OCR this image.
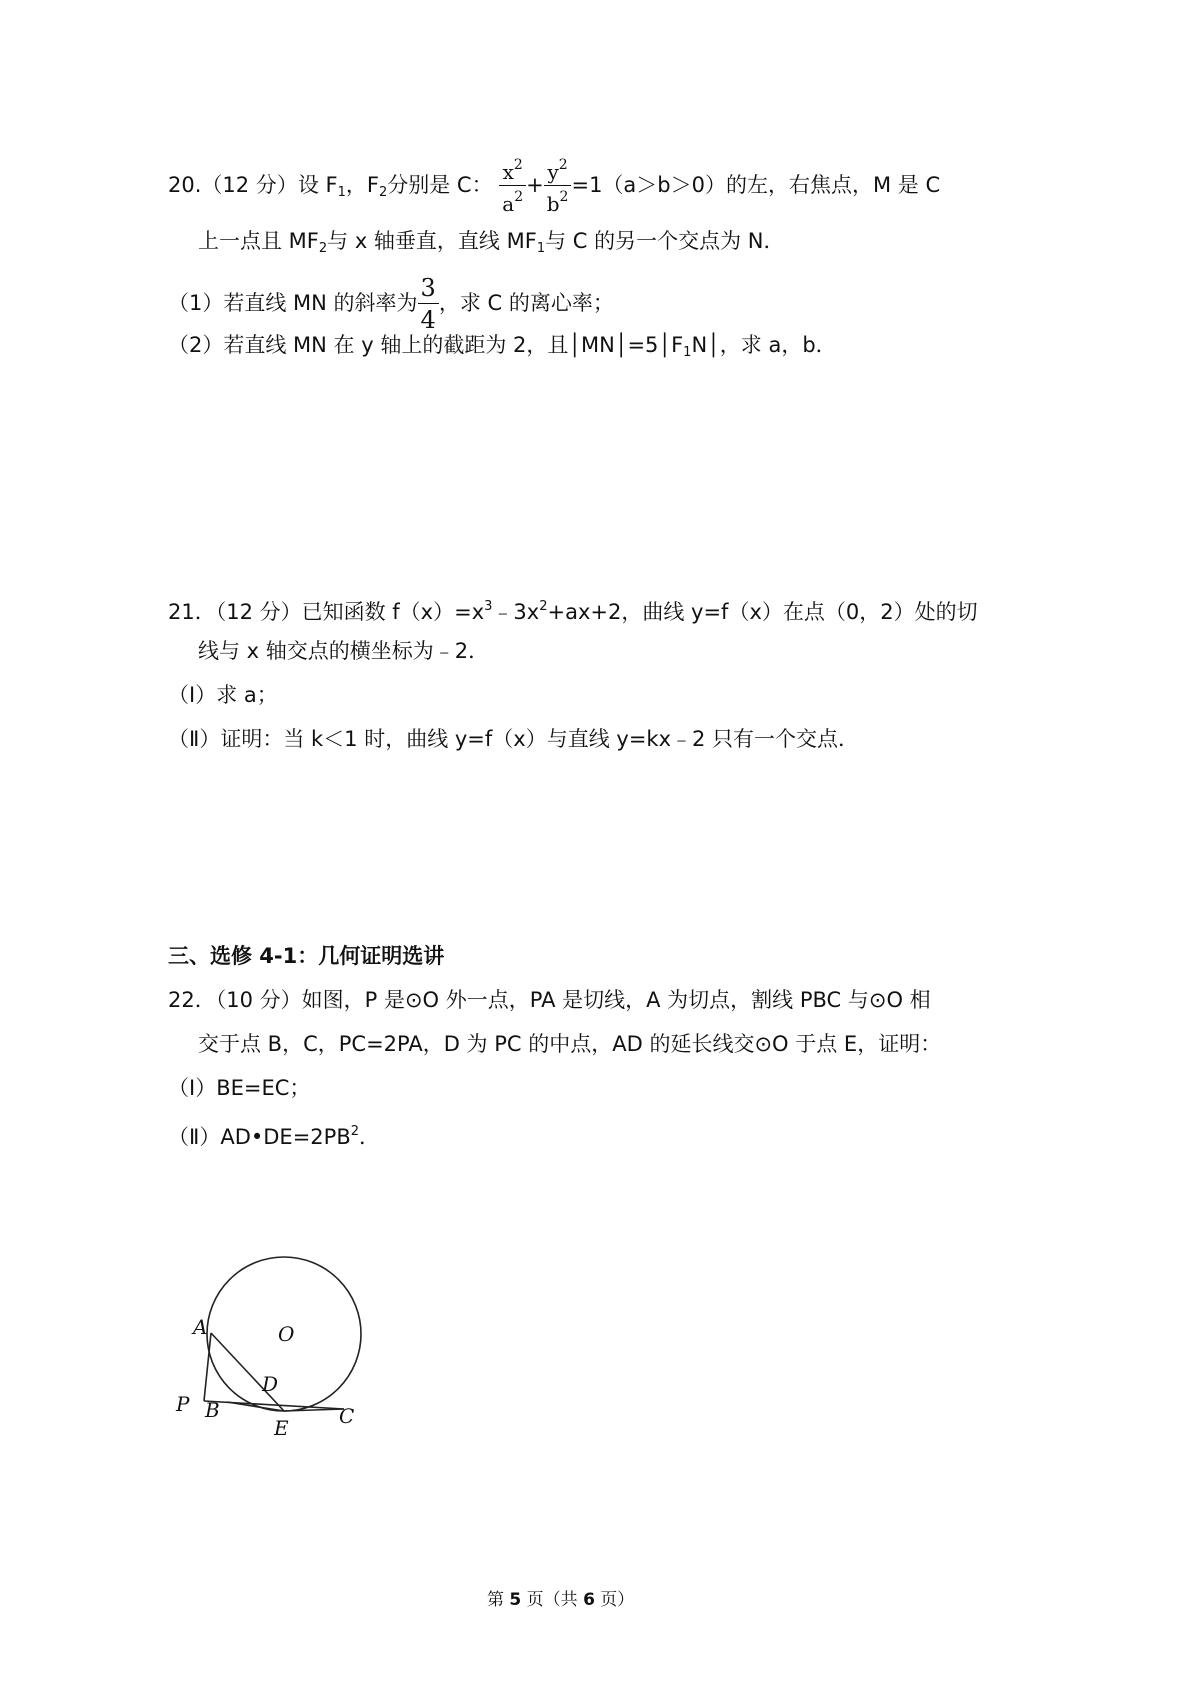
20.（12 分）设 $F_1$，$F_2$分别是 C： $\frac{x^2}{a^2} + \frac{y^2}{b^2} =1(a>b>0)$的左，右焦点，M 是 C
上一点且 $MF_2$与 x 轴垂直，直线 $MF_1$与 C 的另一个交点为 N．
（1）若直线 MN 的斜率为 $\frac{3}{4}$ ，求 C 的离心率；
（2）若直线 MN 在 y 轴上的截距为 2，且$│MN│=5│F_1N│$，求 a，b．
21．（12 分）已知函数 $f(x)=x^3﹣3x^2+ax+2$，曲线 y=f（x）在点（0，2）处的切
线与 x 轴交点的横坐标为﹣2．
（Ⅰ）求 a；
（Ⅱ）证明：当 k＜1 时，曲线 y=f（x）与直线 y=kx﹣2 只有一个交点．
三、选修 4-1：几何证明选讲
22．（10 分）如图，P 是⊙O 外一点，PA 是切线，A 为切点，割线 PBC 与⊙O 相
交于点 B，C，PC=2PA，D 为 PC 的中点，AD 的延长线交⊙O 于点 E，证明：
（Ⅰ）BE=EC；
$(Ⅱ)AD•DE=2PB^2$．
A	O
D
P B	C
E
第 5 页（共 6 页）
